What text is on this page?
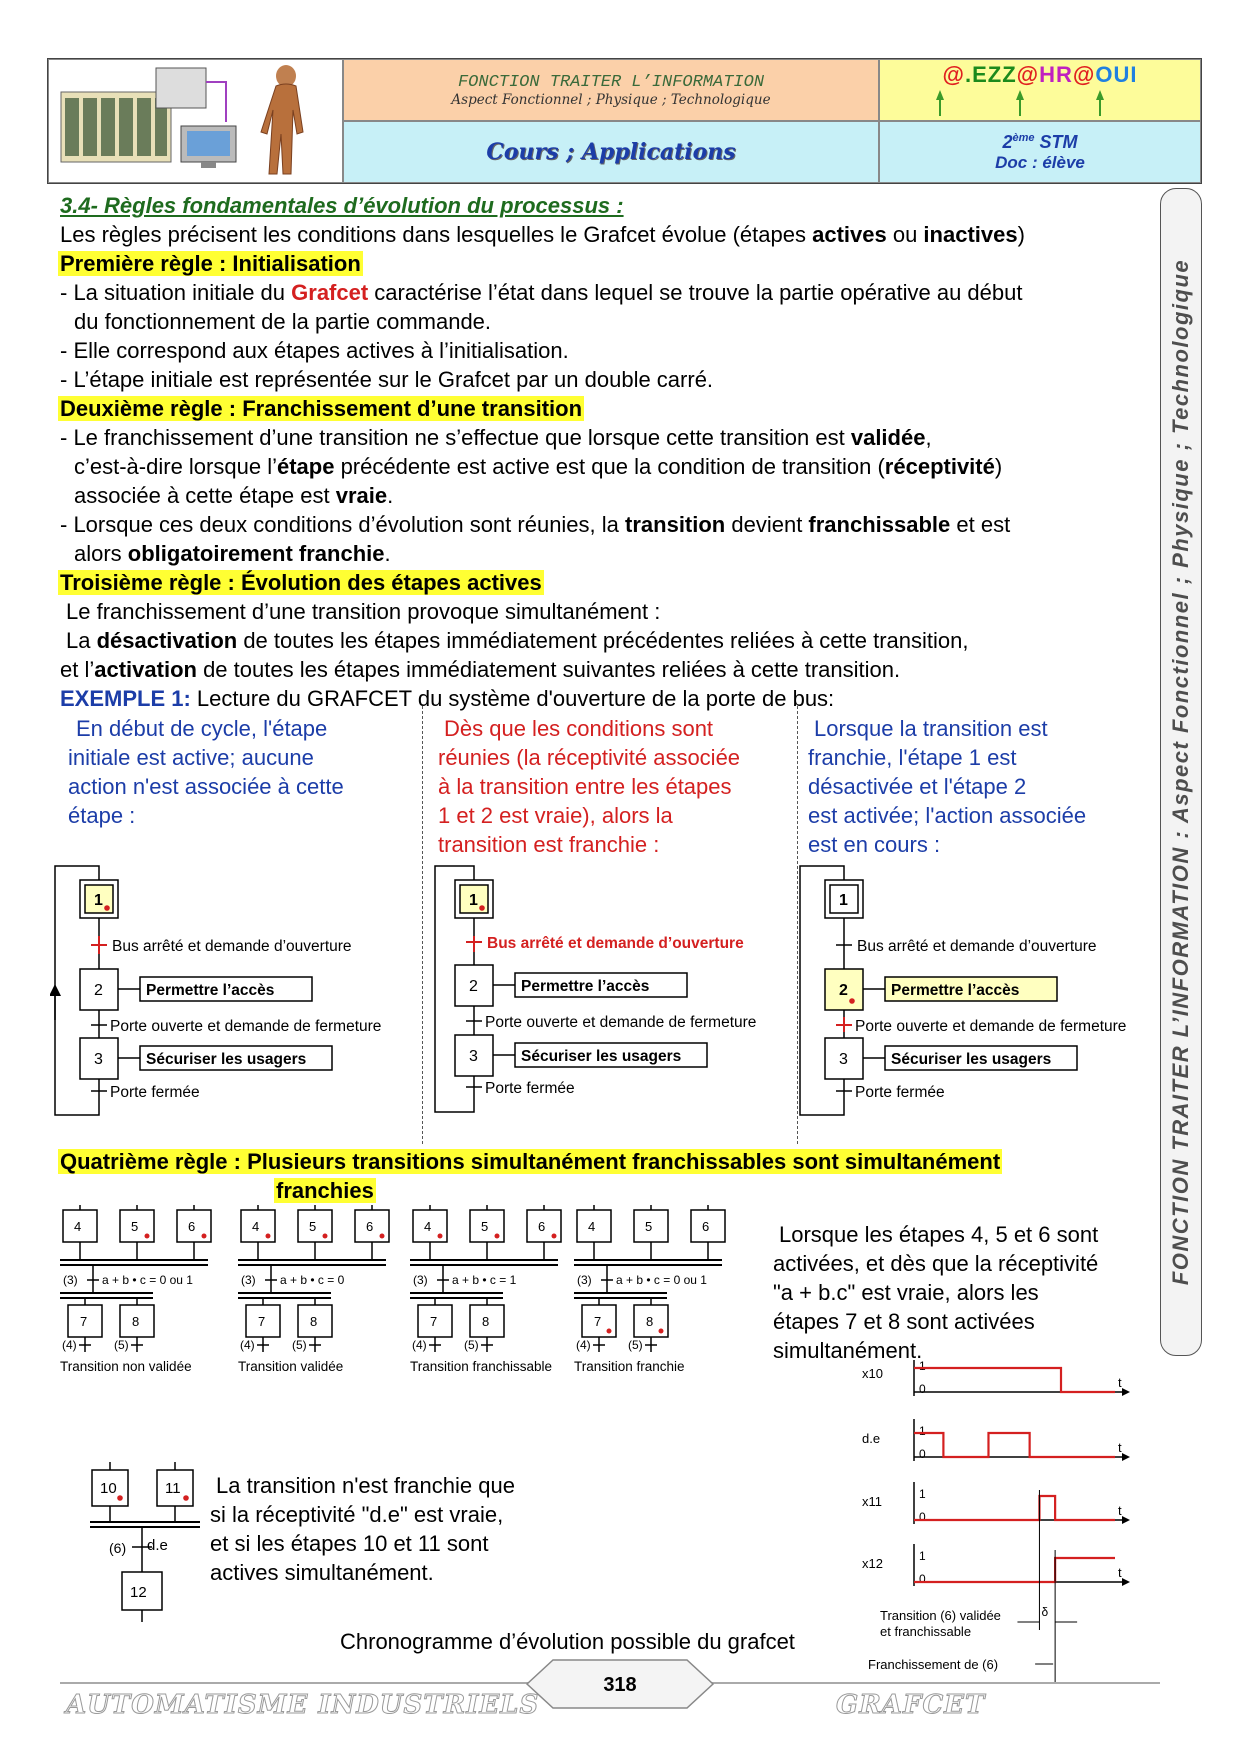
FONCTION TRAITER L’INFORMATION
Aspect Fonctionnel ; Physique ; Technologique
Cours ; Applications
@.EZZ@HR@OUI
2ème STM
Doc : élève
FONCTION TRAITER L’INFORMATION : Aspect Fonctionnel ; Physique ; Technologique
3.4- Règles fondamentales d’évolution du processus :
Les règles précisent les conditions dans lesquelles le Grafcet évolue (étapes actives ou inactives)
Première règle : Initialisation
- La situation initiale du Grafcet caractérise l’état dans lequel se trouve la partie opérative au début
du fonctionnement de la partie commande.
- Elle correspond aux étapes actives à l’initialisation.
- L’étape initiale est représentée sur le Grafcet par un double carré.
Deuxième règle : Franchissement d’une transition
- Le franchissement d’une transition ne s’effectue que lorsque cette transition est validée,
c’est-à-dire lorsque l’étape précédente est active est que la condition de transition (réceptivité)
associée à cette étape est vraie.
- Lorsque ces deux conditions d’évolution sont réunies, la transition devient franchissable et est
alors obligatoirement franchie.
Troisième règle : Évolution des étapes actives
Le franchissement d’une transition provoque simultanément :
La désactivation de toutes les étapes immédiatement précédentes reliées à cette transition,
et l’activation de toutes les étapes immédiatement suivantes reliées à cette transition.
EXEMPLE 1: Lecture du GRAFCET du système d'ouverture de la porte de bus:
En début de cycle, l'étape
initiale est active; aucune
action n'est associée à cette
étape :
Dès que les conditions sont
réunies (la réceptivité associée
à la transition entre les étapes
1 et 2 est vraie), alors la
transition est franchie :
Lorsque la transition est
franchie, l'étape 1 est
désactivée et l'étape 2
est activée; l'action associée
est en cours :
1
2
3
Bus arrêté et demande d’ouverture
Porte ouverte et demande de fermeture
Porte fermée
Permettre l’accès
Sécuriser les usagers
1
2
3
Bus arrêté et demande d’ouverture
Porte ouverte et demande de fermeture
Porte fermée
Permettre l’accès
Sécuriser les usagers
1
2
3
Bus arrêté et demande d’ouverture
Porte ouverte et demande de fermeture
Porte fermée
Permettre l’accès
Sécuriser les usagers
Quatrième règle : Plusieurs transitions simultanément franchissables sont simultanément
franchies
4	5	6
(3) a + b • c = 0 ou 1
7
(4)
8
(5)
Transition non validée
4	5	6
(3) a + b • c = 0
7
(4)
8
(5)
Transition validée
4	5	6
(3) a + b • c = 1
7
(4)
8
(5)
Transition franchissable
4	5	6
(3) a + b • c = 0 ou 1
7
(4)
8
(5)
Transition franchie
Lorsque les étapes 4, 5 et 6 sont
activées, et dès que la réceptivité
"a + b.c" est vraie, alors les
étapes 7 et 8 sont activées
simultanément.
10	11
12
(6) d.e
La transition n'est franchie que
si la réceptivité "d.e" est vraie,
et si les étapes 10 et 11 sont
actives simultanément.
x10	1
0	t
d.e	1
0	t
x11	1
0	t
x12	1
0	t
δ
Transition (6) validée
et franchissable
Franchissement de (6)
Chronogramme d’évolution possible du grafcet
AUTOMATISME INDUSTRIELS	GRAFCET
318
